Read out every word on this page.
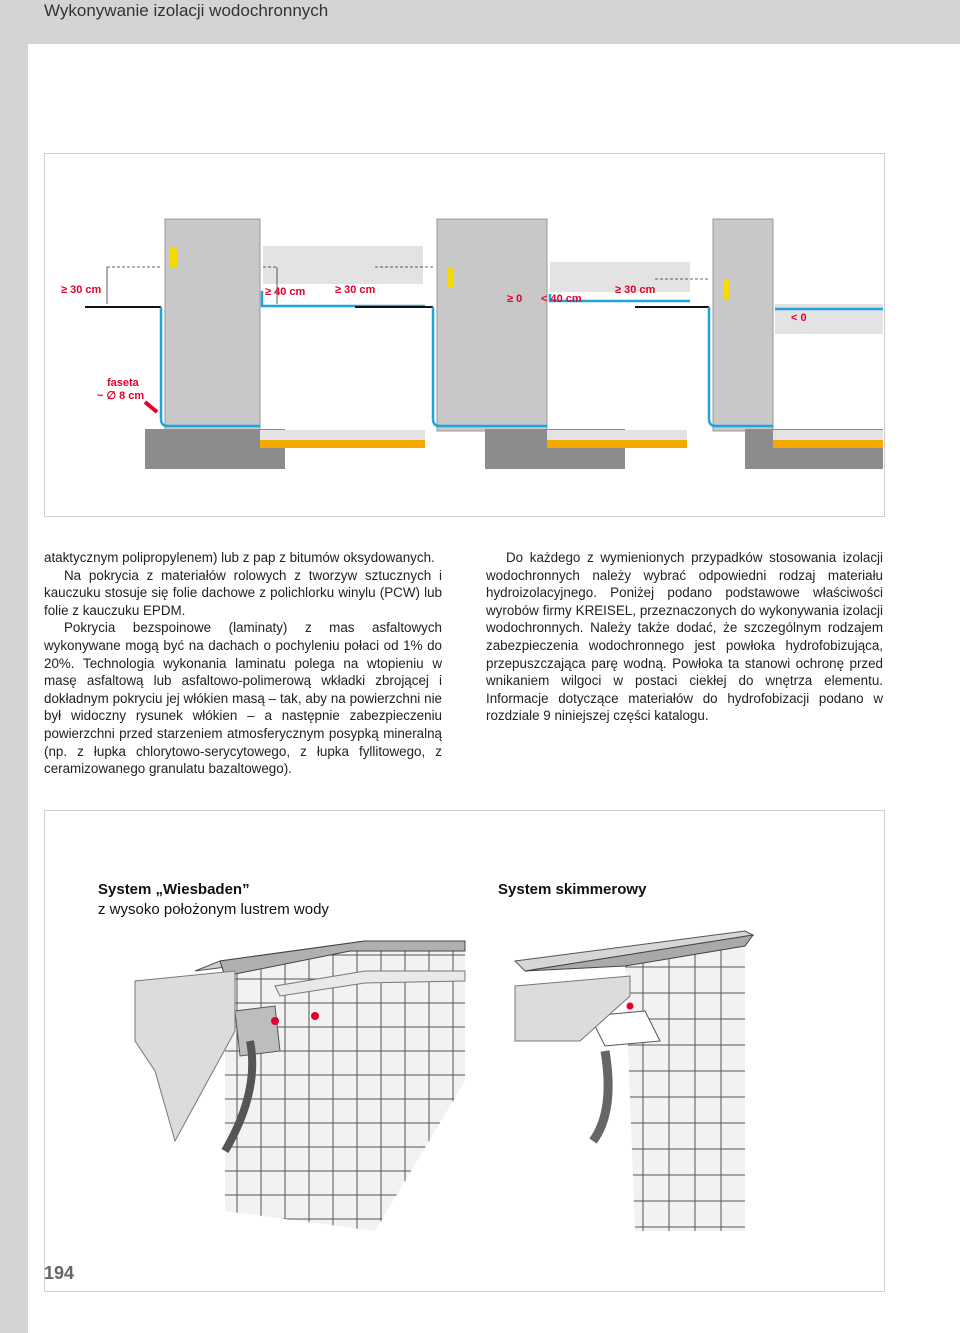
Wykonywanie izolacji wodochronnych
≥ 30 cm	≥ 40 cm
faseta
~ ∅ 8 cm
≥ 30 cm
≥ 0 < 40 cm
≥ 30 cm
< 0

ataktycznym polipropylenem) lub z pap z bitumów oksydowanych.

Na pokrycia z materiałów rolowych z tworzyw sztucznych i kauczuku stosuje się folie dachowe z polichlorku winylu (PCW) lub folie z kauczuku EPDM.

Pokrycia bezspoinowe (laminaty) z mas asfaltowych wykonywane mogą być na dachach o pochyleniu połaci od 1% do 20%. Technologia wykonania laminatu polega na wtopieniu w masę asfaltową lub asfaltowo-polimerową wkładki zbrojącej i dokładnym pokryciu jej włókien masą – tak, aby na powierzchni nie był widoczny rysunek włókien – a następnie zabezpieczeniu powierzchni przed starzeniem atmosferycznym posypką mineralną (np. z łupka chlorytowo-serycytowego, z łupka fyllitowego, z ceramizowanego granulatu bazaltowego).

Do każdego z wymienionych przypadków stosowania izolacji wodochronnych należy wybrać odpowiedni rodzaj materiału hydroizolacyjnego. Poniżej podano podstawowe właściwości wyrobów firmy KREISEL, przeznaczonych do wykonywania izolacji wodochronnych. Należy także dodać, że szczególnym rodzajem zabezpieczenia wodochronnego jest powłoka hydrofobizująca, przepuszczająca parę wodną. Powłoka ta stanowi ochronę przed wnikaniem wilgoci w postaci ciekłej do wnętrza elementu. Informacje dotyczące materiałów do hydrofobizacji podano w rozdziale 9 niniejszej części katalogu.

System „Wiesbaden”
z wysoko położonym lustrem wody
System skimmerowy
194
